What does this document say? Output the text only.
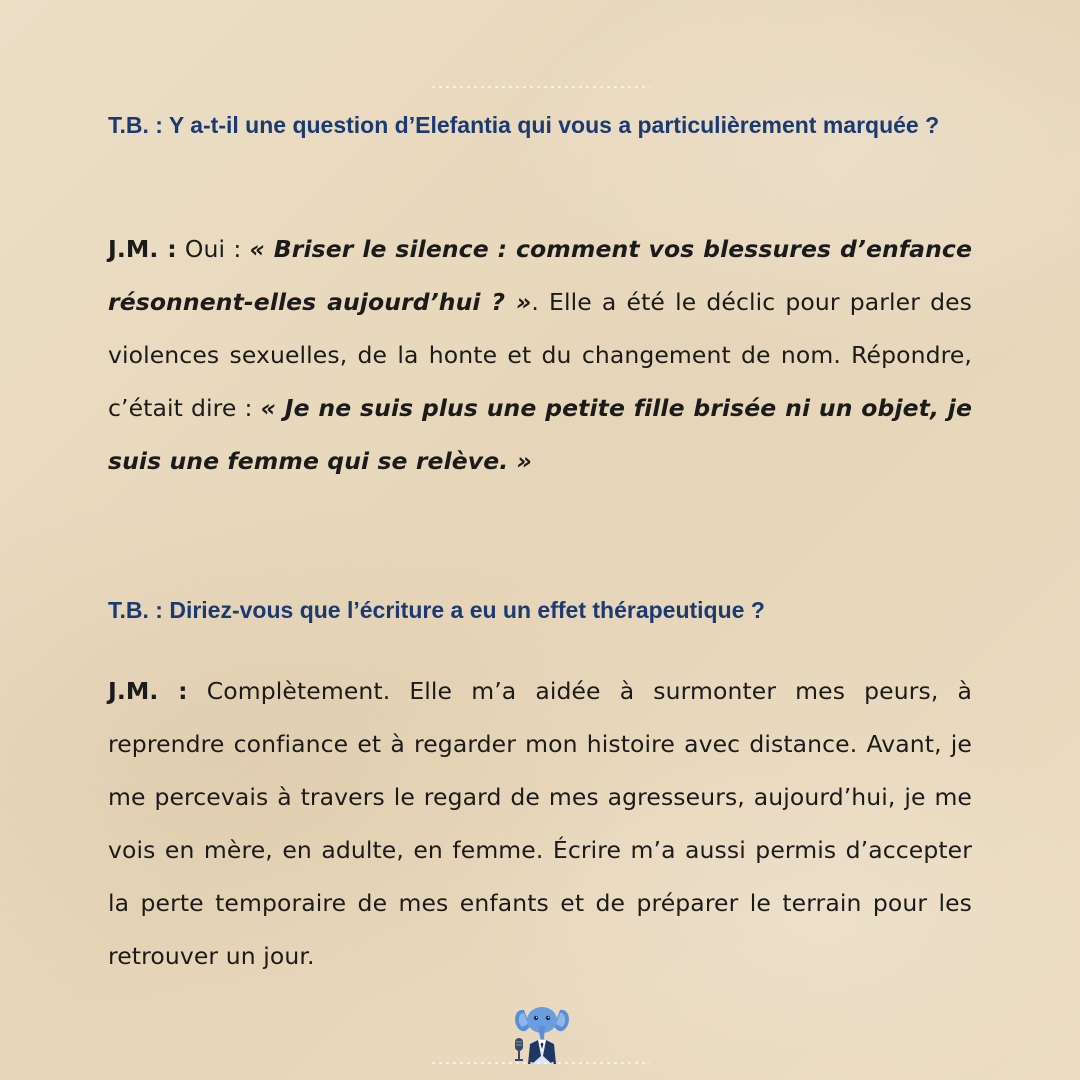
T.B. : Y a-t-il une question d’Elefantia qui vous a particulièrement marquée ?

J.M. : Oui : « Briser le silence : comment vos blessures d’enfance résonnent-elles aujourd’hui ? ». Elle a été le déclic pour parler des violences sexuelles, de la honte et du changement de nom. Répondre, c’était dire : « Je ne suis plus une petite fille brisée ni un objet, je suis une femme qui se relève. »

T.B. : Diriez-vous que l’écriture a eu un effet thérapeutique ?

J.M. : Complètement. Elle m’a aidée à surmonter mes peurs, à reprendre confiance et à regarder mon histoire avec distance. Avant, je me percevais à travers le regard de mes agresseurs, aujourd’hui, je me vois en mère, en adulte, en femme. Écrire m’a aussi permis d’accepter la perte temporaire de mes enfants et de préparer le terrain pour les retrouver un jour.
